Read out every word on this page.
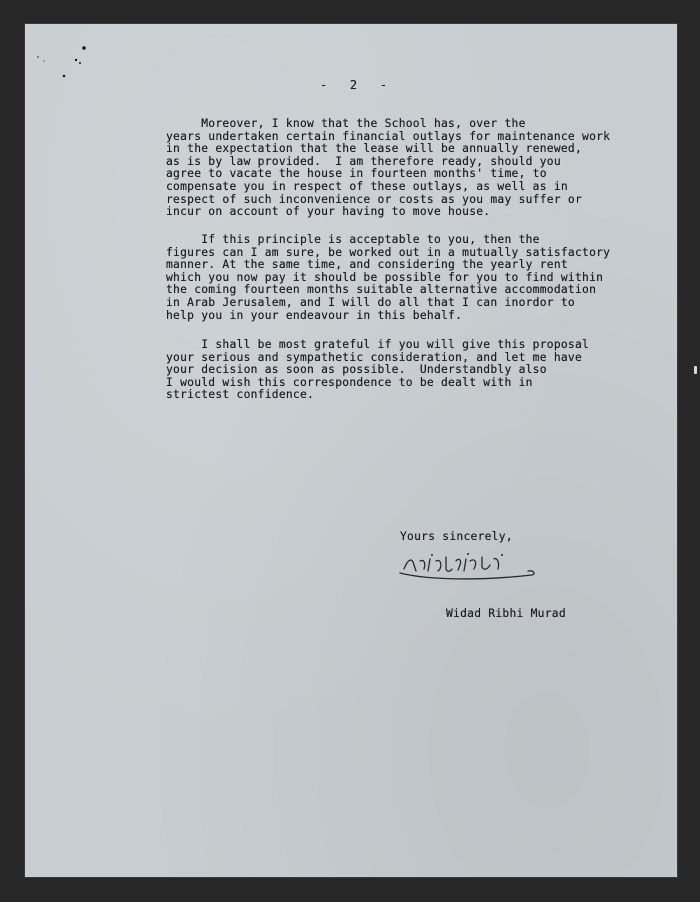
-   2   -

Moreover, I know that the School has, over the
years undertaken certain financial outlays for maintenance work
in the expectation that the lease will be annually renewed,
as is by law provided.  I am therefore ready, should you
agree to vacate the house in fourteen months' time, to
compensate you in respect of these outlays, as well as in
respect of such inconvenience or costs as you may suffer or
incur on account of your having to move house.

If this principle is acceptable to you, then the
figures can I am sure, be worked out in a mutually satisfactory
manner. At the same time, and considering the yearly rent
which you now pay it should be possible for you to find within
the coming fourteen months suitable alternative accommodation
in Arab Jerusalem, and I will do all that I can inordor to
help you in your endeavour in this behalf.

I shall be most grateful if you will give this proposal
your serious and sympathetic consideration, and let me have
your decision as soon as possible.  Understandbly also
I would wish this correspondence to be dealt with in
strictest confidence.

Yours sincerely,

Widad Ribhi Murad
